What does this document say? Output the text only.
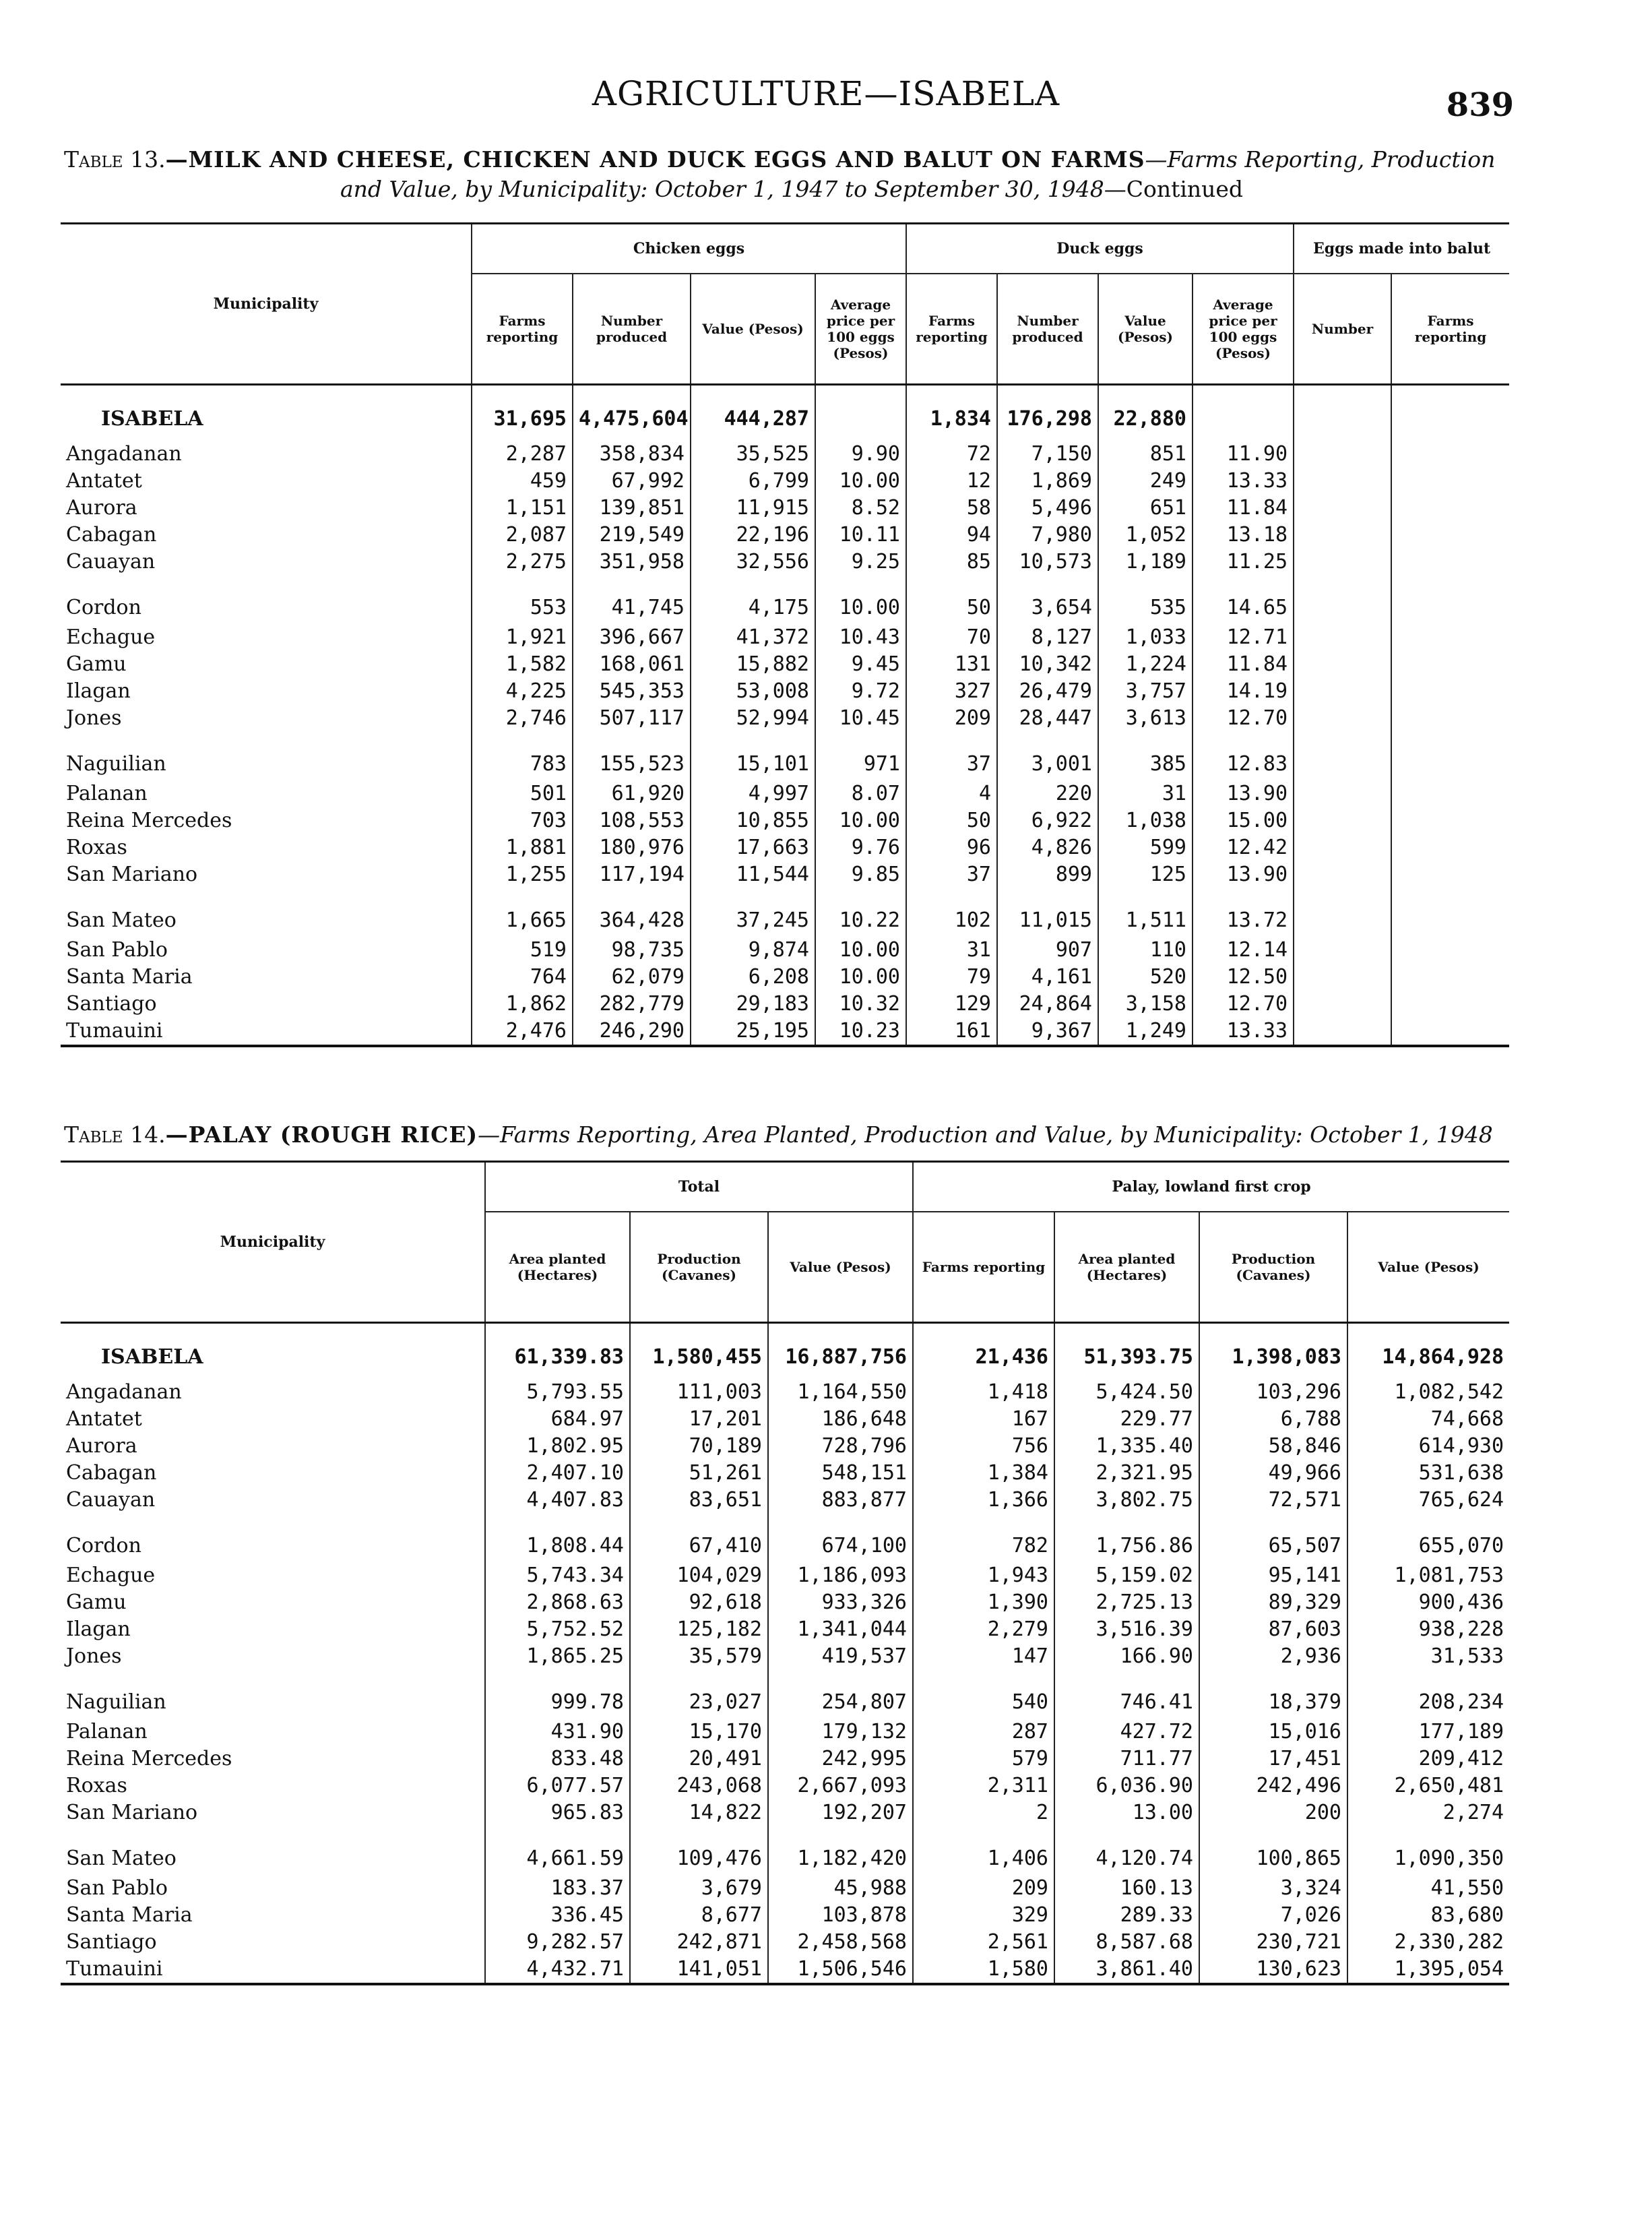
AGRICULTURE—ISABELA	839
Table 13.—MILK AND CHEESE, CHICKEN AND DUCK EGGS AND BALUT ON FARMS—Farms Reporting, Production
and Value, by Municipality: October 1, 1947 to September 30, 1948—Continued
Municipality	Chicken eggs				Duck eggs				Eggs made into balut	
	Farms reporting	Number produced	Value (Pesos)	Average price per 100 eggs (Pesos)	Farms reporting	Number produced	Value (Pesos)	Average price per 100 eggs (Pesos)	Number	Farms reporting
ISABELA	31,695	4,475,604	444,287		1,834	176,298	22,880			
Angadanan	2,287	358,834	35,525	9.90	72	7,150	851	11.90		
Antatet	459	67,992	6,799	10.00	12	1,869	249	13.33		
Aurora	1,151	139,851	11,915	8.52	58	5,496	651	11.84		
Cabagan	2,087	219,549	22,196	10.11	94	7,980	1,052	13.18		
Cauayan	2,275	351,958	32,556	9.25	85	10,573	1,189	11.25		
Cordon	553	41,745	4,175	10.00	50	3,654	535	14.65		
Echague	1,921	396,667	41,372	10.43	70	8,127	1,033	12.71		
Gamu	1,582	168,061	15,882	9.45	131	10,342	1,224	11.84		
Ilagan	4,225	545,353	53,008	9.72	327	26,479	3,757	14.19		
Jones	2,746	507,117	52,994	10.45	209	28,447	3,613	12.70		
Naguilian	783	155,523	15,101	971	37	3,001	385	12.83		
Palanan	501	61,920	4,997	8.07	4	220	31	13.90		
Reina Mercedes	703	108,553	10,855	10.00	50	6,922	1,038	15.00		
Roxas	1,881	180,976	17,663	9.76	96	4,826	599	12.42		
San Mariano	1,255	117,194	11,544	9.85	37	899	125	13.90		
San Mateo	1,665	364,428	37,245	10.22	102	11,015	1,511	13.72		
San Pablo	519	98,735	9,874	10.00	31	907	110	12.14		
Santa Maria	764	62,079	6,208	10.00	79	4,161	520	12.50		
Santiago	1,862	282,779	29,183	10.32	129	24,864	3,158	12.70		
Tumauini	2,476	246,290	25,195	10.23	161	9,367	1,249	13.33		
Table 14.—PALAY (ROUGH RICE)—Farms Reporting, Area Planted, Production and Value, by Municipality: October 1, 1948
Municipality	Total			Palay, lowland first crop			
	Area planted (Hectares)	Production (Cavanes)	Value (Pesos)	Farms reporting	Area planted (Hectares)	Production (Cavanes)	Value (Pesos)
ISABELA	61,339.83	1,580,455	16,887,756	21,436	51,393.75	1,398,083	14,864,928
Angadanan	5,793.55	111,003	1,164,550	1,418	5,424.50	103,296	1,082,542
Antatet	684.97	17,201	186,648	167	229.77	6,788	74,668
Aurora	1,802.95	70,189	728,796	756	1,335.40	58,846	614,930
Cabagan	2,407.10	51,261	548,151	1,384	2,321.95	49,966	531,638
Cauayan	4,407.83	83,651	883,877	1,366	3,802.75	72,571	765,624
Cordon	1,808.44	67,410	674,100	782	1,756.86	65,507	655,070
Echague	5,743.34	104,029	1,186,093	1,943	5,159.02	95,141	1,081,753
Gamu	2,868.63	92,618	933,326	1,390	2,725.13	89,329	900,436
Ilagan	5,752.52	125,182	1,341,044	2,279	3,516.39	87,603	938,228
Jones	1,865.25	35,579	419,537	147	166.90	2,936	31,533
Naguilian	999.78	23,027	254,807	540	746.41	18,379	208,234
Palanan	431.90	15,170	179,132	287	427.72	15,016	177,189
Reina Mercedes	833.48	20,491	242,995	579	711.77	17,451	209,412
Roxas	6,077.57	243,068	2,667,093	2,311	6,036.90	242,496	2,650,481
San Mariano	965.83	14,822	192,207	2	13.00	200	2,274
San Mateo	4,661.59	109,476	1,182,420	1,406	4,120.74	100,865	1,090,350
San Pablo	183.37	3,679	45,988	209	160.13	3,324	41,550
Santa Maria	336.45	8,677	103,878	329	289.33	7,026	83,680
Santiago	9,282.57	242,871	2,458,568	2,561	8,587.68	230,721	2,330,282
Tumauini	4,432.71	141,051	1,506,546	1,580	3,861.40	130,623	1,395,054
